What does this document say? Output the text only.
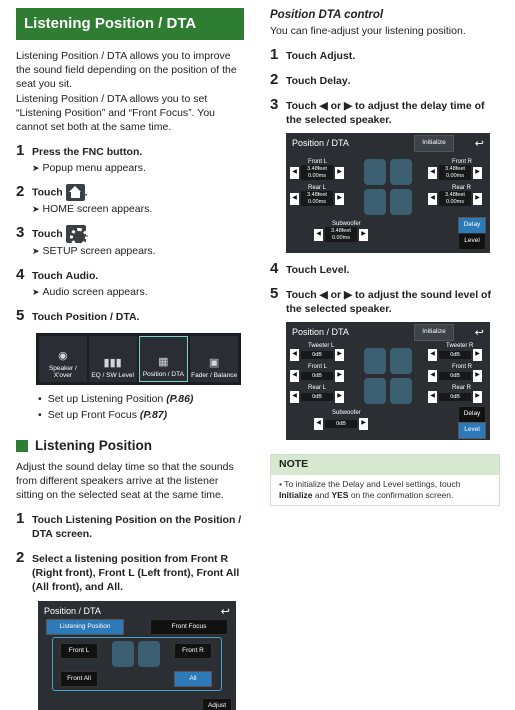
Listening Position / DTA

Listening Position / DTA allows you to improve the sound field depending on the position of the seat you sit.

Listening Position / DTA allows you to set “Listening Position” and “Front Focus”. You cannot set both at the same time.

1 Press the FNC button.
➤ Popup menu appears.
2 Touch .
➤ HOME screen appears.
3 Touch
➤ SETUP screen appears.
4 Touch Audio.
➤ Audio screen appears.
5 Touch Position / DTA.
◉
Speaker / X'over
▮▮▮
EQ / SW Level
▦
Position / DTA
▣
Fader / Balance
• Set up Listening Position (P.86)
• Set up Front Focus (P.87)
Listening Position

Adjust the sound delay time so that the sounds from different speakers arrive at the listener sitting on the selected seat at the same time.

1 Touch Listening Position on the Position / DTA screen.
2 Select a listening position from Front R (Right front), Front L (Left front), Front All (All front), and All.
Position / DTA	↩
Listening Position	Front Focus
Front L	Front R
Front All	All
Adjust
Position DTA control

You can fine-adjust your listening position.

1 Touch Adjust.
2 Touch Delay.
3 Touch ◀ or ▶ to adjust the delay time of the selected speaker.
Position / DTA	↩
Initialize
Front L
◀	3.48feet
0.00ms
▶
Front R
◀	3.48feet
0.00ms
▶
Rear L
◀	3.48feet
0.00ms
▶
Rear R
◀	3.48feet
0.00ms
▶
Subwoofer
◀	3.48feet
0.00ms
▶
Delay
Level
4 Touch Level.
5 Touch ◀ or ▶ to adjust the sound level of the selected speaker.
Position / DTA	↩
Initialize
Tweeter L
◀	0dB	▶
Tweeter R
◀	0dB	▶
Front L
◀	0dB	▶
Front R
◀	0dB	▶
Rear L
◀	0dB	▶
Rear R
◀	0dB	▶
Subwoofer
◀	0dB	▶
Delay
Level
NOTE
• To initialize the Delay and Level settings, touch Initialize and YES on the confirmation screen.
